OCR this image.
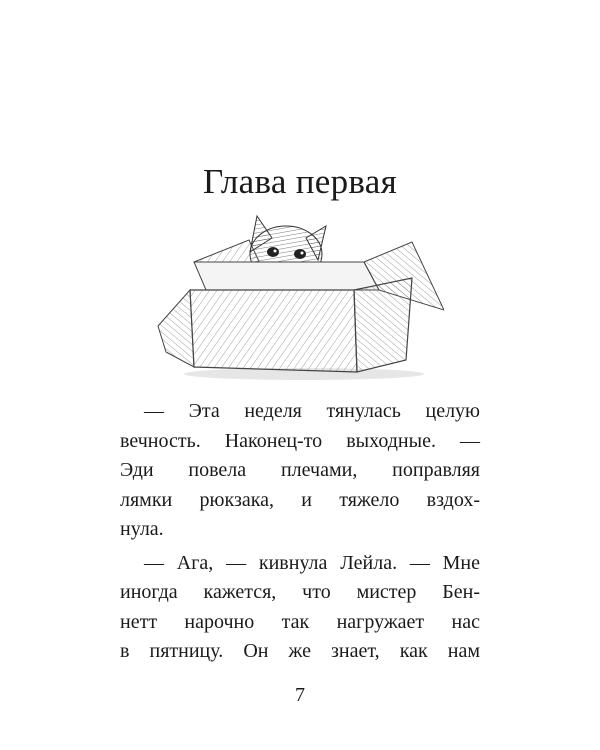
Глава первая

— Эта неделя тянулась целую
вечность. Наконец-то выходные. —
Эди повела плечами, поправляя
лямки рюкзака, и тяжело вздох-
нула.

— Ага, — кивнула Лейла. — Мне
иногда кажется, что мистер Бен-
нетт нарочно так нагружает нас
в пятницу. Он же знает, как нам

7
